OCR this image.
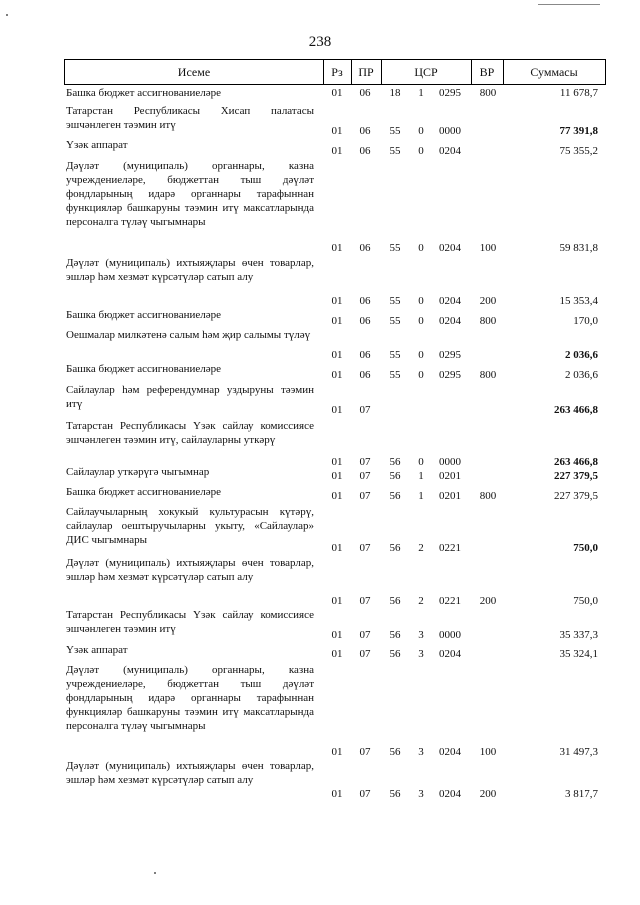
238
Исеме	Рз	ПР	ЦСР	ВР	Суммасы
Башка бюджет ассигнованиеләре	01	06	18	1	0295	800	11 678,7
Татарстан Республикасы Хисап палатасы эшчәнлеген тәэмин итү	01	06	55	0	0000	77 391,8
Үзәк аппарат	01	06	55	0	0204	75 355,2
Дәүләт (муниципаль) органнары, казна учреждениеләре, бюджеттан тыш дәүләт фондларының идарә органнары тарафыннан функцияләр башкаруны тәэмин итү максатларында персоналга түләү чыгымнары
01	06	55	0	0204	100	59 831,8
Дәүләт (муниципаль) ихтыяҗлары өчен товарлар, эшләр һәм хезмәт күрсәтүләр сатып алу
01	06	55	0	0204	200	15 353,4
Башка бюджет ассигнованиеләре	01	06	55	0	0204	800	170,0
Оешмалар милкәтенә салым һәм җир салымы түләү
01	06	55	0	0295	2 036,6
Башка бюджет ассигнованиеләре	01	06	55	0	0295	800	2 036,6
Сайлаулар һәм референдумнар уздыруны тәэмин итү	01	07	263 466,8
Татарстан Республикасы Үзәк сайлау комиссиясе эшчәнлеген тәэмин итү, сайлауларны уткәрү
01	07	56	0	0000	263 466,8
Сайлаулар уткәрүгә чыгымнар	01	07	56	1	0201	227 379,5
Башка бюджет ассигнованиеләре	01	07	56	1	0201	800	227 379,5
Сайлаучыларның хокукый культурасын күтәрү, сайлаулар оештыручыларны укыту, «Сайлаулар» ДИС чыгымнары
01	07	56	2	0221	750,0
Дәүләт (муниципаль) ихтыяҗлары өчен товарлар, эшләр һәм хезмәт күрсәтүләр сатып алу
01	07	56	2	0221	200	750,0
Татарстан Республикасы Үзәк сайлау комиссиясе эшчәнлеген тәэмин итү	01	07	56	3	0000	35 337,3
Үзәк аппарат	01	07	56	3	0204	35 324,1
Дәүләт (муниципаль) органнары, казна учреждениеләре, бюджеттан тыш дәүләт фондларының идарә органнары тарафыннан функцияләр башкаруны тәэмин итү максатларында персоналга түләү чыгымнары
01	07	56	3	0204	100	31 497,3
Дәүләт (муниципаль) ихтыяҗлары өчен товарлар, эшләр һәм хезмәт күрсәтүләр сатып алу
01	07	56	3	0204	200	3 817,7
